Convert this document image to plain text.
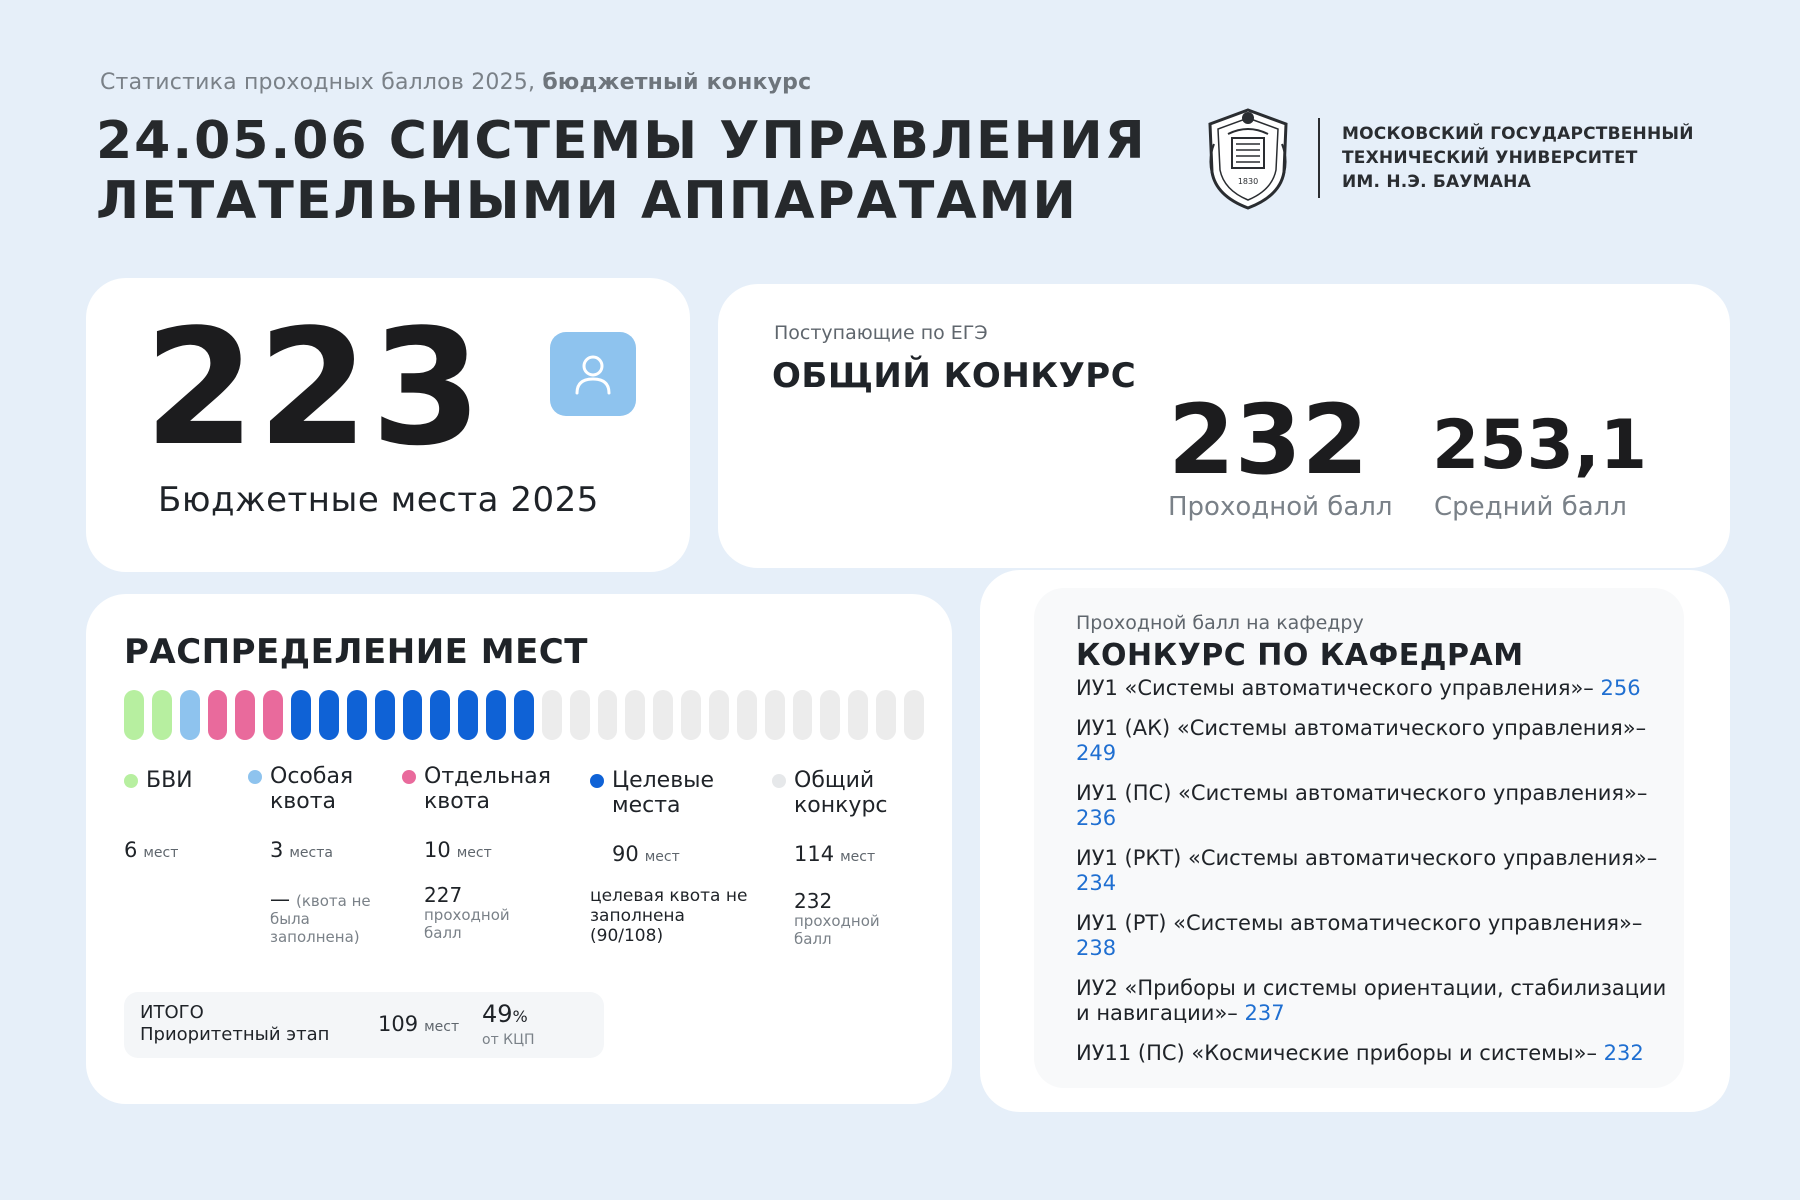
Статистика проходных баллов 2025, бюджетный конкурс
24.05.06 СИСТЕМЫ УПРАВЛЕНИЯ
ЛЕТАТЕЛЬНЫМИ АППАРАТАМИ	1830
МОСКОВСКИЙ ГОСУДАРСТВЕННЫЙ
ТЕХНИЧЕСКИЙ УНИВЕРСИТЕТ
ИМ. Н.Э. БАУМАНА
223
Бюджетные места 2025
Поступающие по ЕГЭ
ОБЩИЙ КОНКУРС
232 253,1
Проходной балл Средний балл
РАСПРЕДЕЛЕНИЕ МЕСТ
БВИ
6 мест
Особая
квота
3 места
— (квота не была заполнена)
Отдельная
квота
10 мест
227
проходной балл
Целевые
места
90 мест
целевая квота не заполнена (90/108)
Общий
конкурс
114 мест
232
проходной балл
ИТОГО
Приоритетный этап 109 мест 49%
от КЦП
Проходной балл на кафедру
КОНКУРС ПО КАФЕДРАМ
ИУ1 «Системы автоматического управления»– 256
ИУ1 (АК) «Системы автоматического управления»– 249
ИУ1 (ПС) «Системы автоматического управления»– 236
ИУ1 (РКТ) «Системы автоматического управления»– 234
ИУ1 (РТ) «Системы автоматического управления»– 238
ИУ2 «Приборы и системы ориентации, стабилизации и навигации»– 237
ИУ11 (ПС) «Космические приборы и системы»– 232
